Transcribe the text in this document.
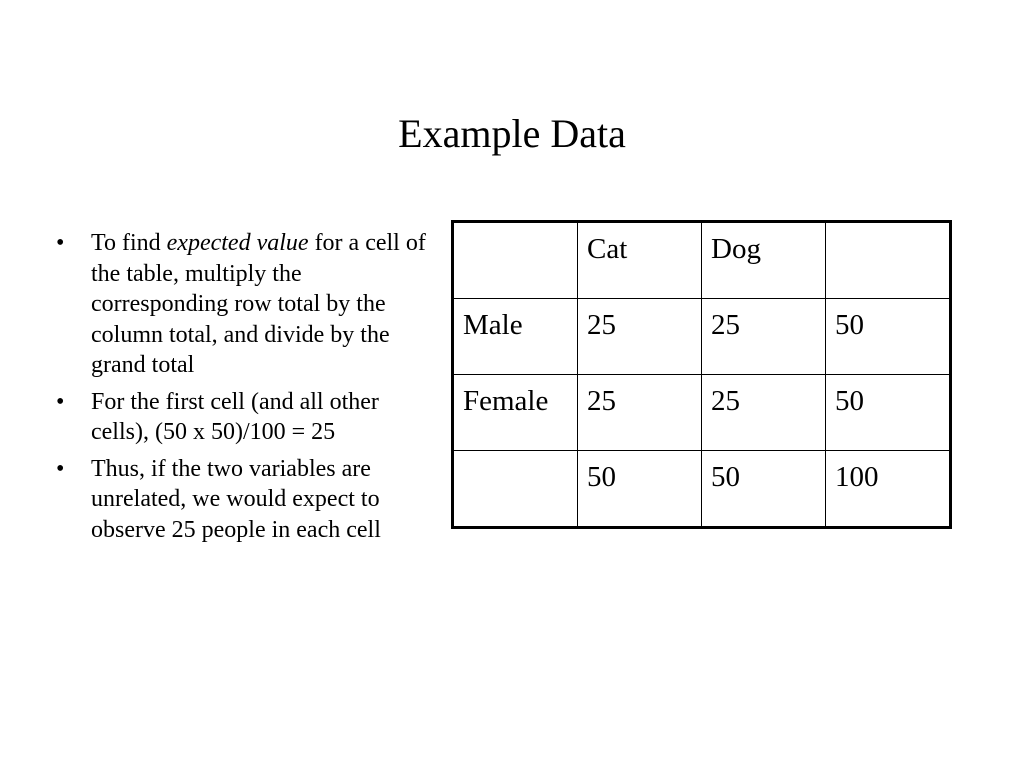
Example Data
• To find expected value for a cell of the table, multiply the corresponding row total by the column total, and divide by the grand total
• For the first cell (and all other cells), (50 x 50)/100 = 25
• Thus, if the two variables are unrelated, we would expect to observe 25 people in each cell
	Cat	Dog	
Male	25	25	50
Female	25	25	50
	50	50	100
